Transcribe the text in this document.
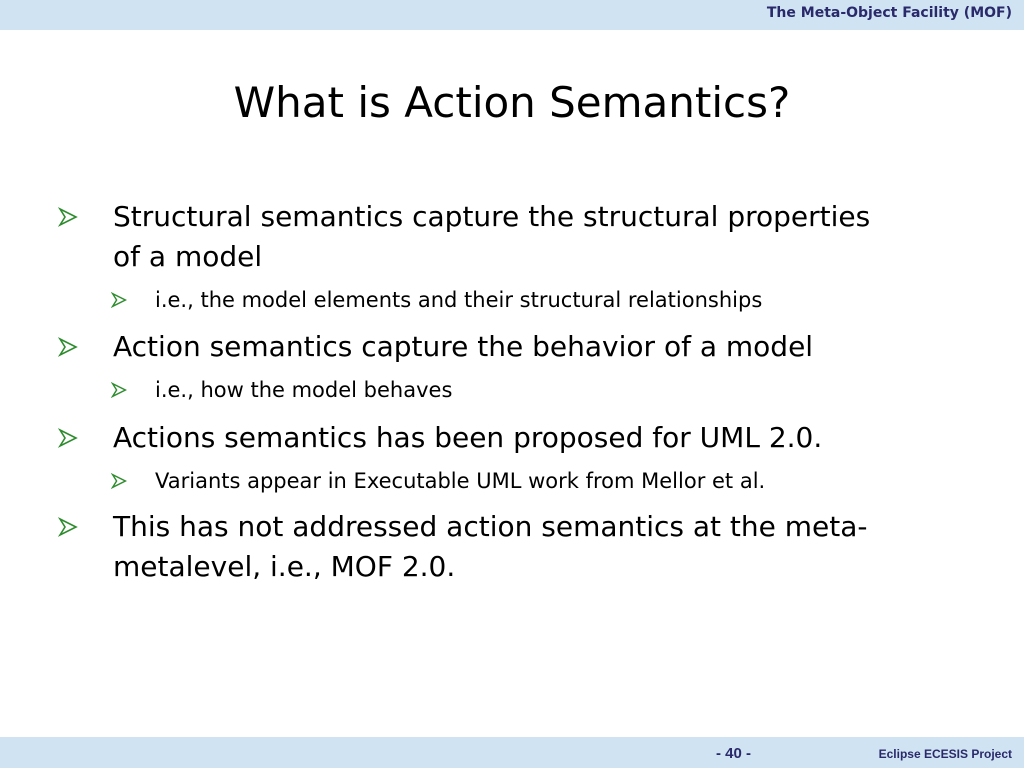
The Meta-Object Facility (MOF)
What is Action Semantics?
Structural semantics capture the structural properties of a model
i.e., the model elements and their structural relationships
Action semantics capture the behavior of a model
i.e., how the model behaves
Actions semantics has been proposed for UML 2.0.
Variants appear in Executable UML work from Mellor et al.
This has not addressed action semantics at the meta-metalevel, i.e., MOF 2.0.
- 40 -	Eclipse ECESIS Project
